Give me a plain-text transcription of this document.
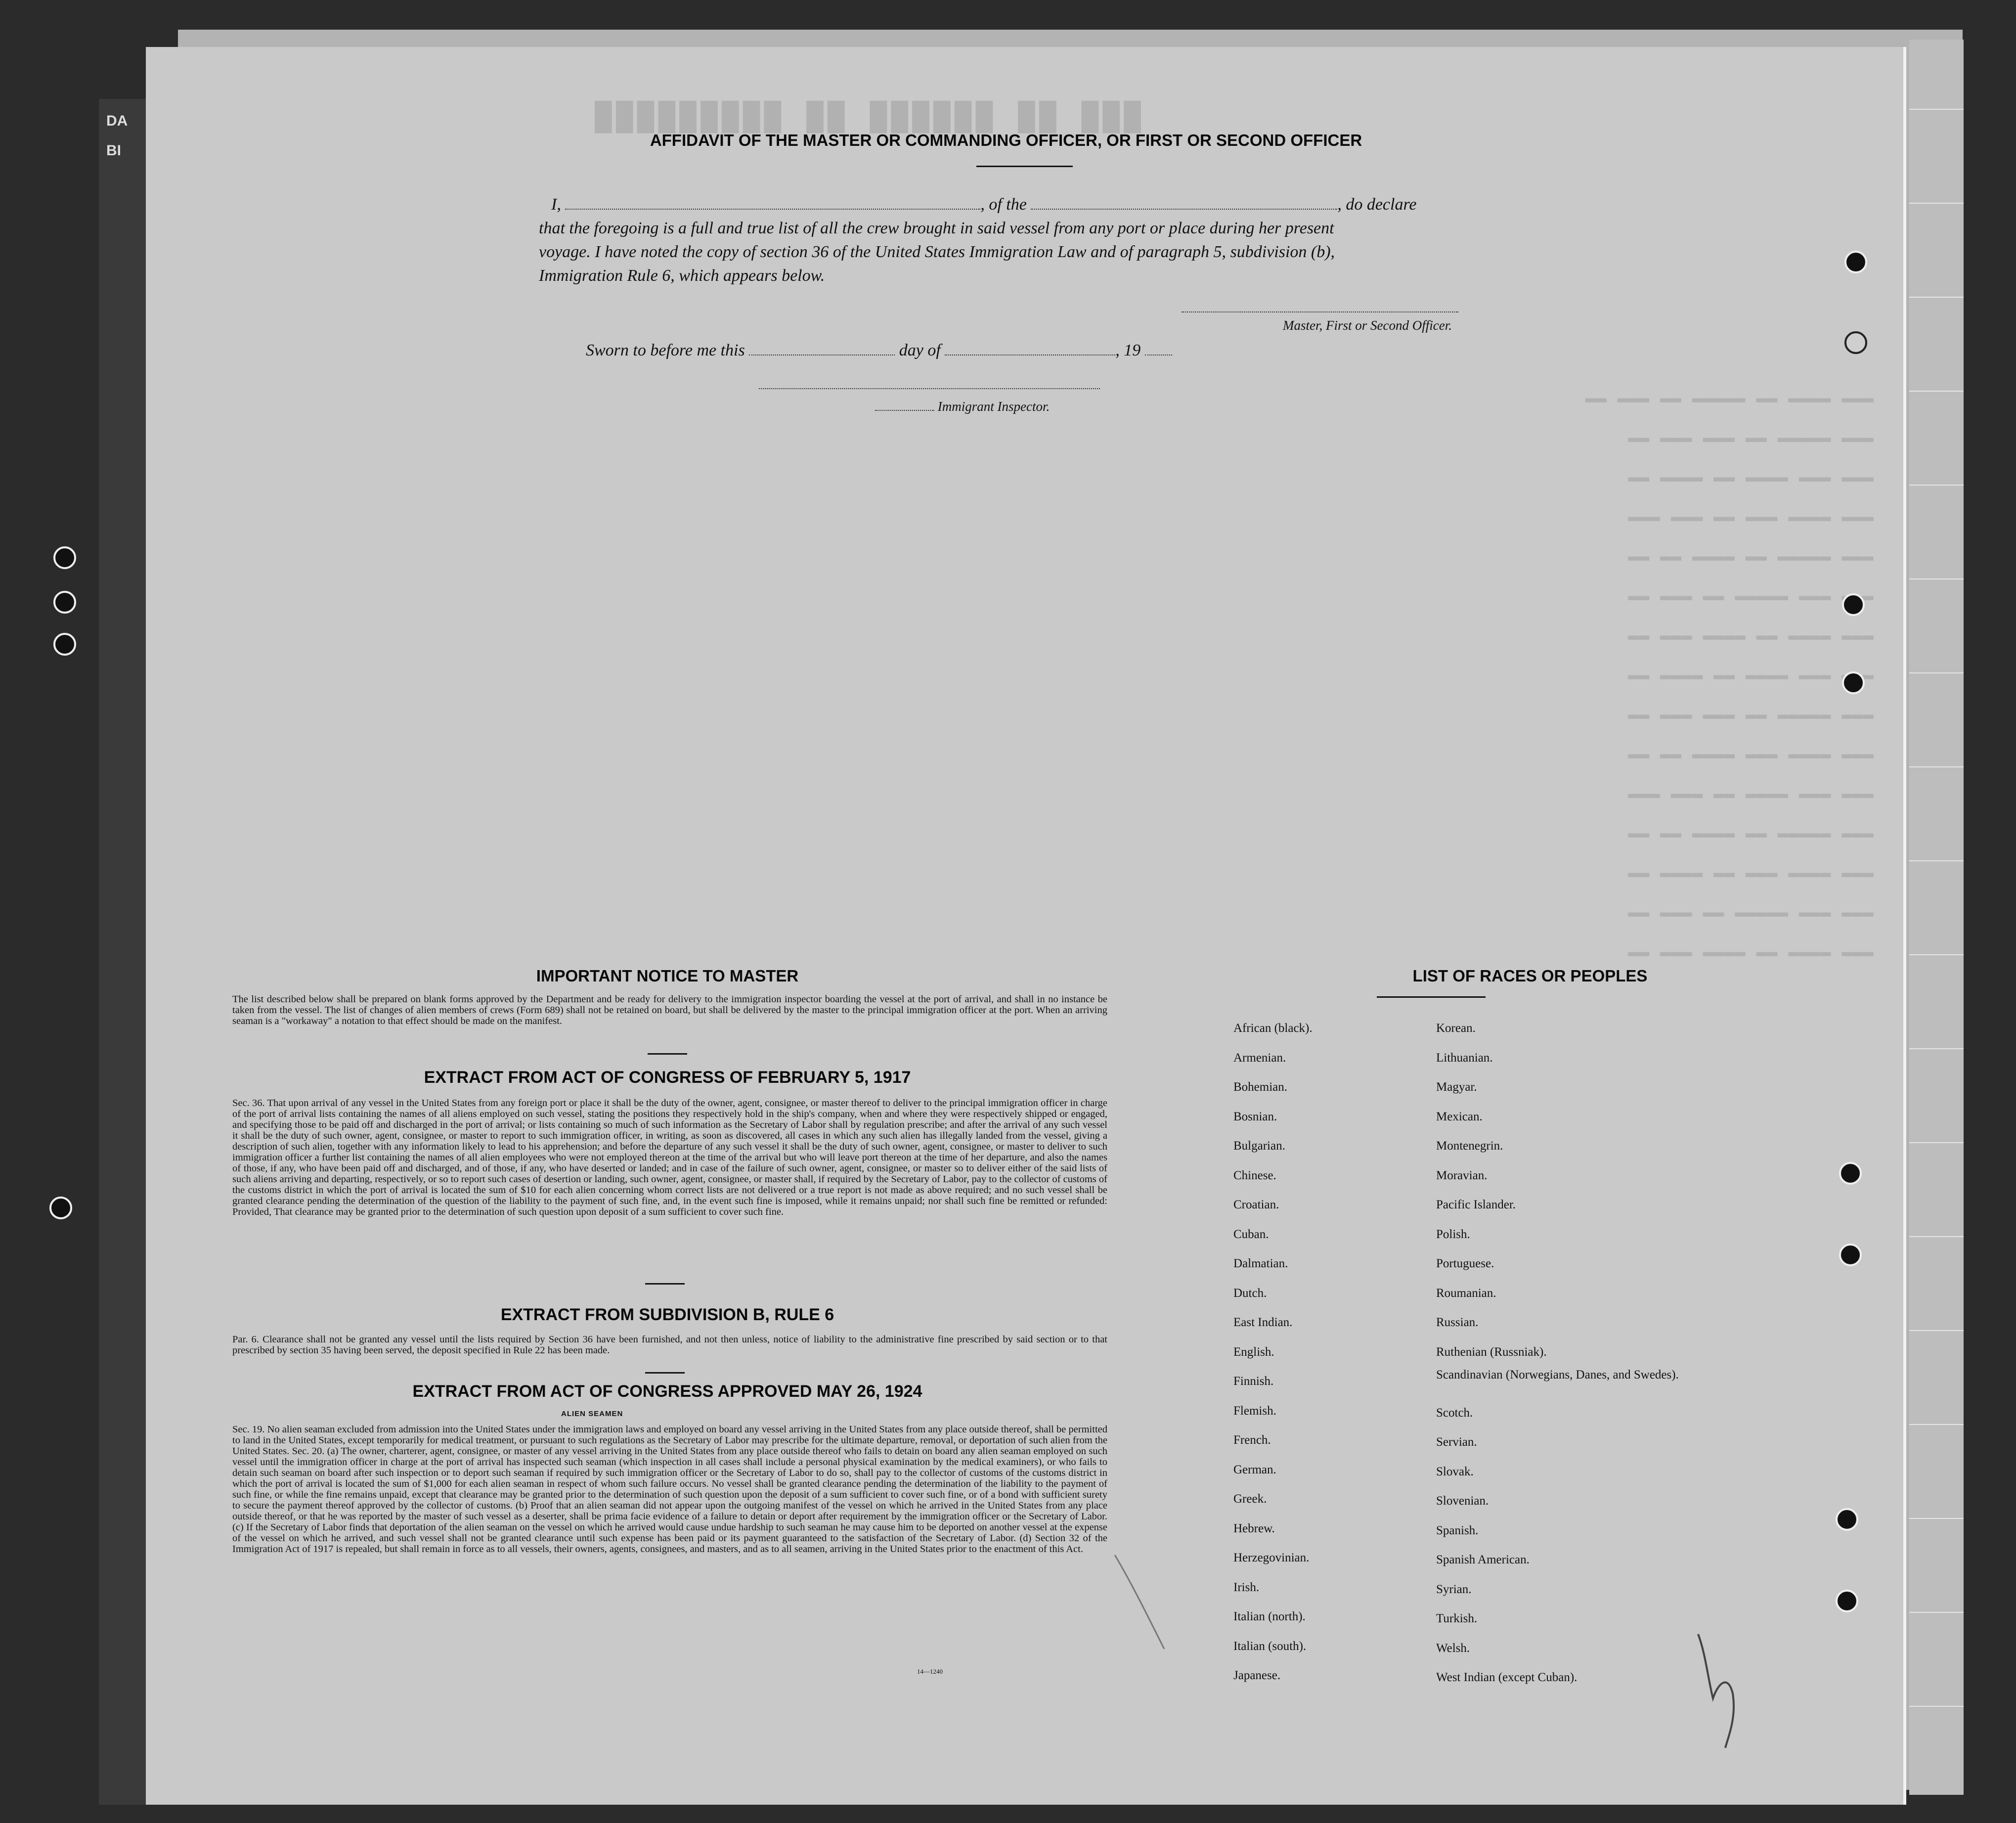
DA
BI
███ ██ ██████ ██ █████████
▬▬▬ ▬▬▬▬ ▬▬ ▬▬▬▬▬ ▬▬ ▬▬▬ ▬▬
▬▬▬ ▬▬▬▬▬ ▬▬ ▬▬▬ ▬▬▬ ▬▬
▬▬▬ ▬▬▬ ▬▬▬▬ ▬▬ ▬▬▬▬ ▬▬
▬▬▬ ▬▬▬▬ ▬▬▬ ▬▬ ▬▬▬ ▬▬▬
▬▬▬ ▬▬▬▬▬ ▬▬ ▬▬▬▬ ▬▬ ▬▬
▬▬▬ ▬▬▬ ▬▬▬▬▬ ▬▬ ▬▬▬ ▬▬
▬▬▬ ▬▬▬▬ ▬▬ ▬▬▬▬ ▬▬▬ ▬▬
▬▬▬ ▬▬▬ ▬▬▬▬ ▬▬ ▬▬▬▬ ▬▬
▬▬▬ ▬▬▬▬▬ ▬▬ ▬▬▬ ▬▬▬ ▬▬
▬▬▬ ▬▬▬▬ ▬▬▬ ▬▬▬▬ ▬▬ ▬▬
▬▬▬ ▬▬▬ ▬▬▬▬ ▬▬ ▬▬▬ ▬▬▬
▬▬▬ ▬▬▬▬▬ ▬▬ ▬▬▬▬ ▬▬ ▬▬
▬▬▬ ▬▬▬▬ ▬▬▬ ▬▬ ▬▬▬▬ ▬▬
▬▬▬ ▬▬▬ ▬▬▬▬▬ ▬▬ ▬▬▬ ▬▬
▬▬▬ ▬▬▬▬ ▬▬ ▬▬▬▬ ▬▬▬ ▬▬
AFFIDAVIT OF THE MASTER OR COMMANDING OFFICER, OR FIRST OR SECOND OFFICER
I,	, of the	, do declare
that the foregoing is a full and true list of all the crew brought in said vessel from any port or place during her present
voyage. I have noted the copy of section 36 of the United States Immigration Law and of paragraph 5, subdivision (b),
Immigration Rule 6, which appears below.
Master, First or Second Officer.
Sworn to before me this	day of	, 19
Immigrant Inspector.
IMPORTANT NOTICE TO MASTER
The list described below shall be prepared on blank forms approved by the Department and be ready for delivery to the immigration inspector boarding the vessel at the port of arrival, and shall in no instance be taken from the vessel. The list of changes of alien members of crews (Form 689) shall not be retained on board, but shall be delivered by the master to the principal immigration officer at the port. When an arriving seaman is a "workaway" a notation to that effect should be made on the manifest.
EXTRACT FROM ACT OF CONGRESS OF FEBRUARY 5, 1917
Sec. 36. That upon arrival of any vessel in the United States from any foreign port or place it shall be the duty of the owner, agent, consignee, or master thereof to deliver to the principal immigration officer in charge of the port of arrival lists containing the names of all aliens employed on such vessel, stating the positions they respectively hold in the ship's company, when and where they were respectively shipped or engaged, and specifying those to be paid off and discharged in the port of arrival; or lists containing so much of such information as the Secretary of Labor shall by regulation prescribe; and after the arrival of any such vessel it shall be the duty of such owner, agent, consignee, or master to report to such immigration officer, in writing, as soon as discovered, all cases in which any such alien has illegally landed from the vessel, giving a description of such alien, together with any information likely to lead to his apprehension; and before the departure of any such vessel it shall be the duty of such owner, agent, consignee, or master to deliver to such immigration officer a further list containing the names of all alien employees who were not employed thereon at the time of the arrival but who will leave port thereon at the time of her departure, and also the names of those, if any, who have been paid off and discharged, and of those, if any, who have deserted or landed; and in case of the failure of such owner, agent, consignee, or master so to deliver either of the said lists of such aliens arriving and departing, respectively, or so to report such cases of desertion or landing, such owner, agent, consignee, or master shall, if required by the Secretary of Labor, pay to the collector of customs of the customs district in which the port of arrival is located the sum of $10 for each alien concerning whom correct lists are not delivered or a true report is not made as above required; and no such vessel shall be granted clearance pending the determination of the question of the liability to the payment of such fine, and, in the event such fine is imposed, while it remains unpaid; nor shall such fine be remitted or refunded: Provided, That clearance may be granted prior to the determination of such question upon deposit of a sum sufficient to cover such fine.
EXTRACT FROM SUBDIVISION B, RULE 6
Par. 6. Clearance shall not be granted any vessel until the lists required by Section 36 have been furnished, and not then unless, notice of liability to the administrative fine prescribed by said section or to that prescribed by section 35 having been served, the deposit specified in Rule 22 has been made.
EXTRACT FROM ACT OF CONGRESS APPROVED MAY 26, 1924
ALIEN SEAMEN
Sec. 19. No alien seaman excluded from admission into the United States under the immigration laws and employed on board any vessel arriving in the United States from any place outside thereof, shall be permitted to land in the United States, except temporarily for medical treatment, or pursuant to such regulations as the Secretary of Labor may prescribe for the ultimate departure, removal, or deportation of such alien from the United States. Sec. 20. (a) The owner, charterer, agent, consignee, or master of any vessel arriving in the United States from any place outside thereof who fails to detain on board any alien seaman employed on such vessel until the immigration officer in charge at the port of arrival has inspected such seaman (which inspection in all cases shall include a personal physical examination by the medical examiners), or who fails to detain such seaman on board after such inspection or to deport such seaman if required by such immigration officer or the Secretary of Labor to do so, shall pay to the collector of customs of the customs district in which the port of arrival is located the sum of $1,000 for each alien seaman in respect of whom such failure occurs. No vessel shall be granted clearance pending the determination of the liability to the payment of such fine, or while the fine remains unpaid, except that clearance may be granted prior to the determination of such question upon the deposit of a sum sufficient to cover such fine, or of a bond with sufficient surety to secure the payment thereof approved by the collector of customs. (b) Proof that an alien seaman did not appear upon the outgoing manifest of the vessel on which he arrived in the United States from any place outside thereof, or that he was reported by the master of such vessel as a deserter, shall be prima facie evidence of a failure to detain or deport after requirement by the immigration officer or the Secretary of Labor. (c) If the Secretary of Labor finds that deportation of the alien seaman on the vessel on which he arrived would cause undue hardship to such seaman he may cause him to be deported on another vessel at the expense of the vessel on which he arrived, and such vessel shall not be granted clearance until such expense has been paid or its payment guaranteed to the satisfaction of the Secretary of Labor. (d) Section 32 of the Immigration Act of 1917 is repealed, but shall remain in force as to all vessels, their owners, agents, consignees, and masters, and as to all seamen, arriving in the United States prior to the enactment of this Act.
14—1240
LIST OF RACES OR PEOPLES
African (black).
Armenian.
Bohemian.
Bosnian.
Bulgarian.
Chinese.
Croatian.
Cuban.
Dalmatian.
Dutch.
East Indian.
English.
Finnish.
Flemish.
French.
German.
Greek.
Hebrew.
Herzegovinian.
Irish.
Italian (north).
Italian (south).
Japanese.
Korean.
Lithuanian.
Magyar.
Mexican.
Montenegrin.
Moravian.
Pacific Islander.
Polish.
Portuguese.
Roumanian.
Russian.
Ruthenian (Russniak).
Scandinavian (Norwegians, Danes, and Swedes).
Scotch.
Servian.
Slovak.
Slovenian.
Spanish.
Spanish American.
Syrian.
Turkish.
Welsh.
West Indian (except Cuban).
